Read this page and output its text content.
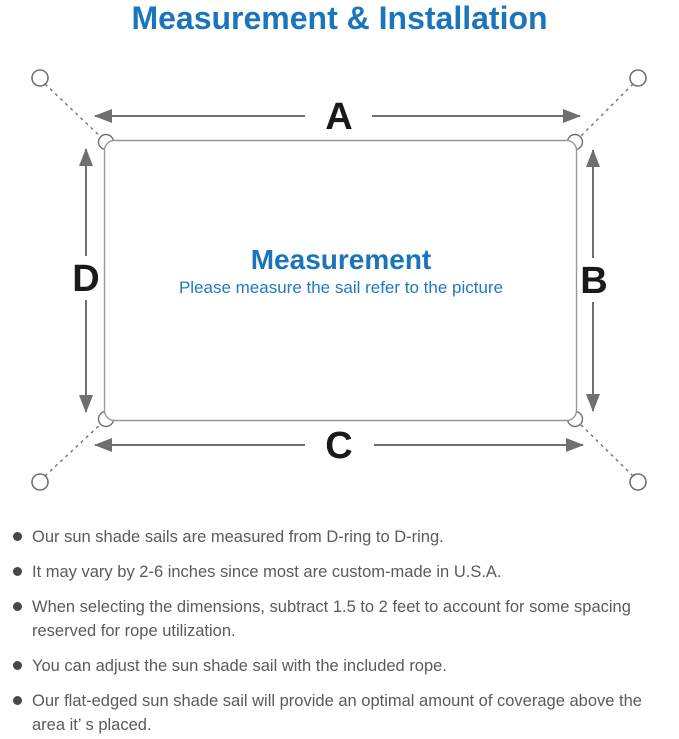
Measurement & Installation
A
B
C
D	Measurement
Please measure the sail refer to the picture
Our sun shade sails are measured from D-ring to D-ring.
It may vary by 2-6 inches since most are custom-made in U.S.A.
When selecting the dimensions, subtract 1.5 to 2 feet to account for some spacing reserved for rope utilization.
You can adjust the sun shade sail with the included rope.
Our flat-edged sun shade sail will provide an optimal amount of coverage above the area it’ s placed.
